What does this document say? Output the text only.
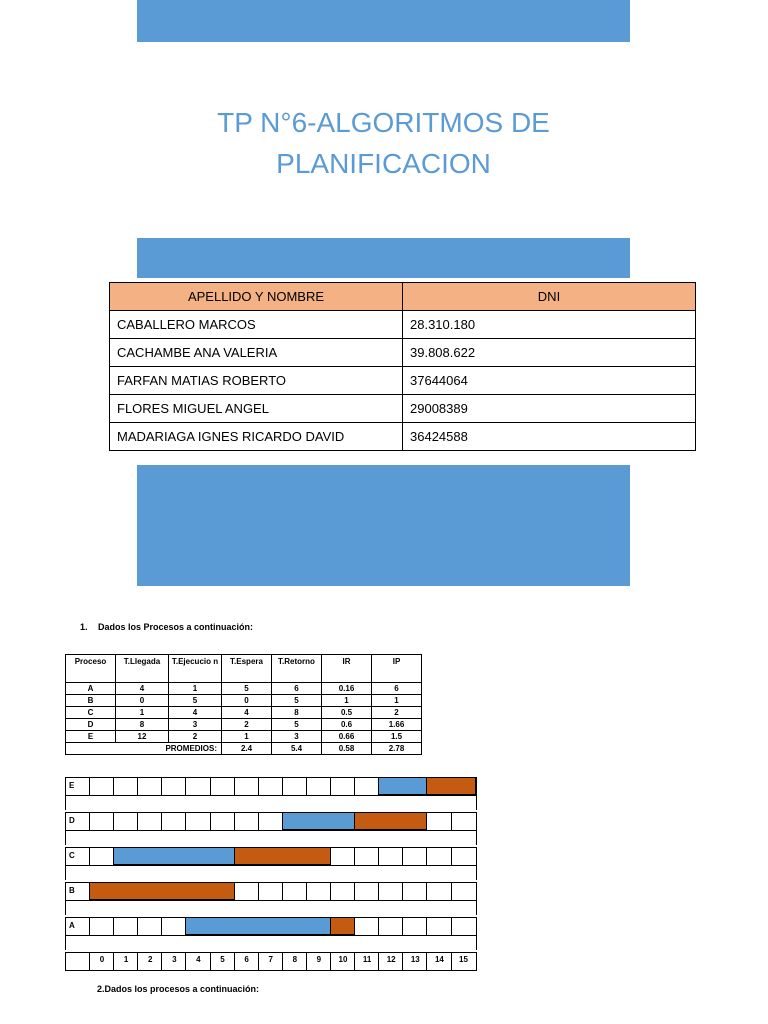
TP N°6-ALGORITMOS DE
PLANIFICACION
APELLIDO Y NOMBRE	DNI
CABALLERO MARCOS	28.310.180
CACHAMBE ANA VALERIA	39.808.622
FARFAN MATIAS ROBERTO	37644064
FLORES MIGUEL ANGEL	29008389
MADARIAGA IGNES RICARDO DAVID	36424588
1. Dados los Procesos a continuación:
Proceso	T.Llegada	T.Ejecucio n	T.Espera	T.Retorno	IR	IP
A	4	1	5	6	0.16	6
B	0	5	0	5	1	1
C	1	4	4	8	0.5	2
D	8	3	2	5	0.6	1.66
E	12	2	1	3	0.66	1.5
	PROMEDIOS:		2.4	5.4	0.58	2.78
E
D
C
B
A
0	1	2	3	4	5	6	7	8	9	10	11	12	13	14	15
2.Dados los procesos a continuación:
